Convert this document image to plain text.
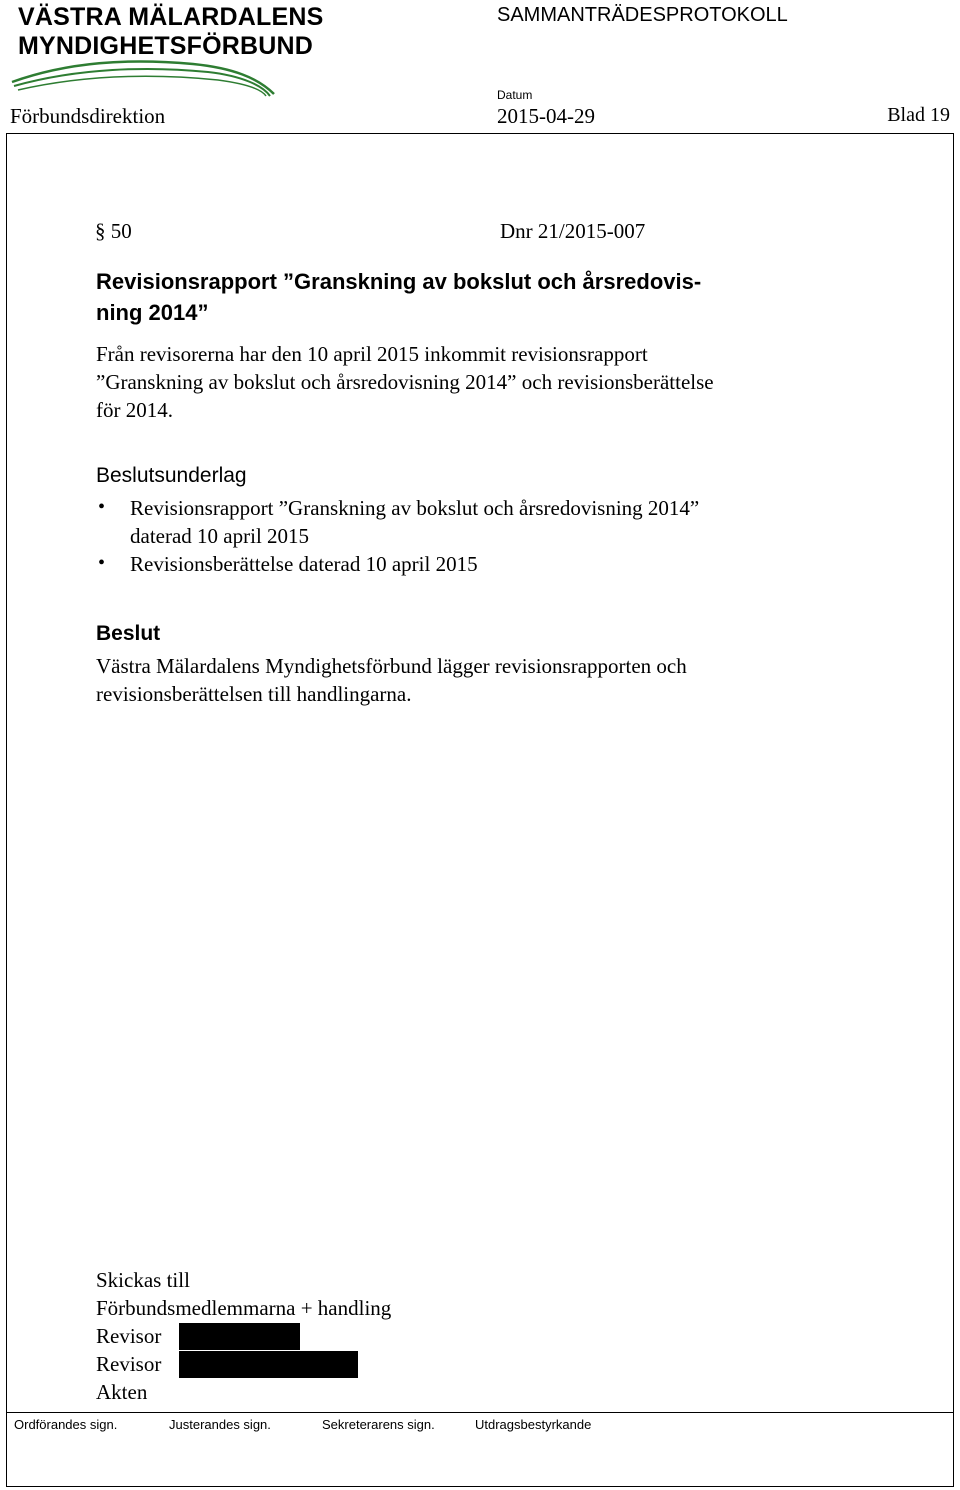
VÄSTRA MÄLARDALENS
MYNDIGHETSFÖRBUND
SAMMANTRÄDESPROTOKOLL
Datum
Förbundsdirektion	2015-04-29	Blad 19
§ 50	Dnr 21/2015-007
Revisionsrapport ”Granskning av bokslut och årsredovis-
ning 2014”
Från revisorerna har den 10 april 2015 inkommit revisionsrapport
”Granskning av bokslut och årsredovisning 2014” och revisionsberättelse
för 2014.
Beslutsunderlag
• Revisionsrapport ”Granskning av bokslut och årsredovisning 2014”
daterad 10 april 2015
• Revisionsberättelse daterad 10 april 2015
Beslut
Västra Mälardalens Myndighetsförbund lägger revisionsrapporten och
revisionsberättelsen till handlingarna.
Skickas till
Förbundsmedlemmarna + handling
Revisor
Revisor
Akten
Ordförandes sign.	Justerandes sign.	Sekreterarens sign.	Utdragsbestyrkande
